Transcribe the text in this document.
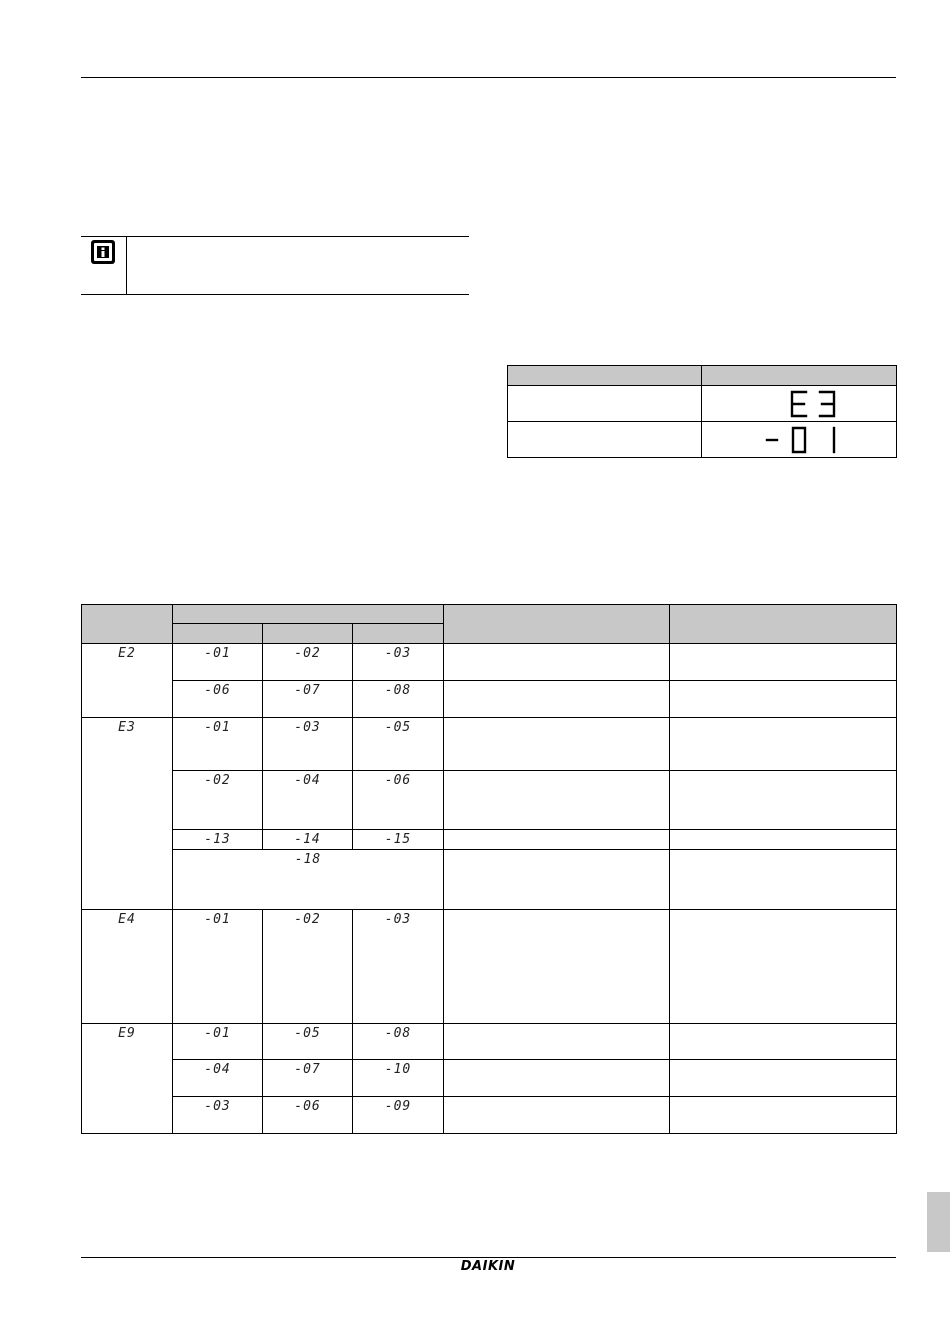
E2	-01	-02	-03		
	-06	-07	-08		
E3	-01	-03	-05		
	-02	-04	-06		
	-13	-14	-15		
	-18				
E4	-01	-02	-03		
E9	-01	-05	-08		
	-04	-07	-10		
	-03	-06	-09		
DAIKIN
